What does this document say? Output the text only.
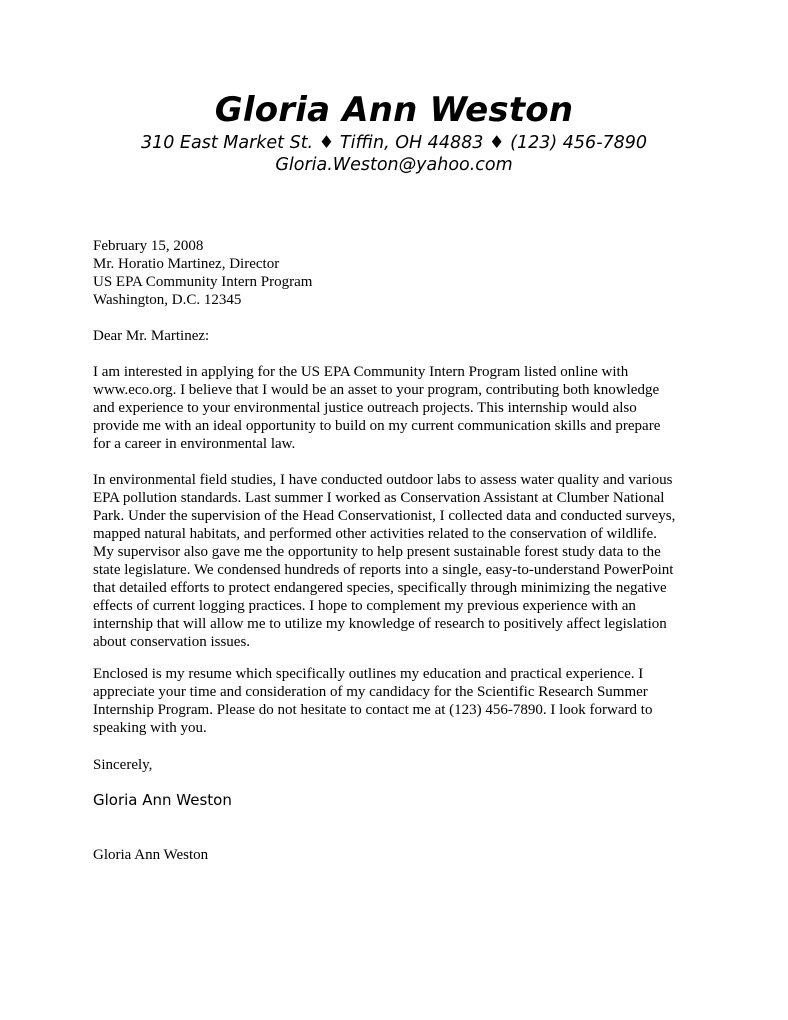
Gloria Ann Weston

310 East Market St. ♦ Tiffin, OH 44883 ♦ (123) 456-7890

Gloria.Weston@yahoo.com

February 15, 2008

Mr. Horatio Martinez, Director

US EPA Community Intern Program

Washington, D.C. 12345

Dear Mr. Martinez:
I am interested in applying for the US EPA Community Intern Program listed online with
www.eco.org. I believe that I would be an asset to your program, contributing both knowledge
and experience to your environmental justice outreach projects. This internship would also
provide me with an ideal opportunity to build on my current communication skills and prepare
for a career in environmental law.
In environmental field studies, I have conducted outdoor labs to assess water quality and various
EPA pollution standards. Last summer I worked as Conservation Assistant at Clumber National
Park. Under the supervision of the Head Conservationist, I collected data and conducted surveys,
mapped natural habitats, and performed other activities related to the conservation of wildlife.
My supervisor also gave me the opportunity to help present sustainable forest study data to the
state legislature. We condensed hundreds of reports into a single, easy-to-understand PowerPoint
that detailed efforts to protect endangered species, specifically through minimizing the negative
effects of current logging practices. I hope to complement my previous experience with an
internship that will allow me to utilize my knowledge of research to positively affect legislation
about conservation issues.
Enclosed is my resume which specifically outlines my education and practical experience. I
appreciate your time and consideration of my candidacy for the Scientific Research Summer
Internship Program. Please do not hesitate to contact me at (123) 456-7890. I look forward to
speaking with you.
Sincerely,
Gloria Ann Weston
Gloria Ann Weston
